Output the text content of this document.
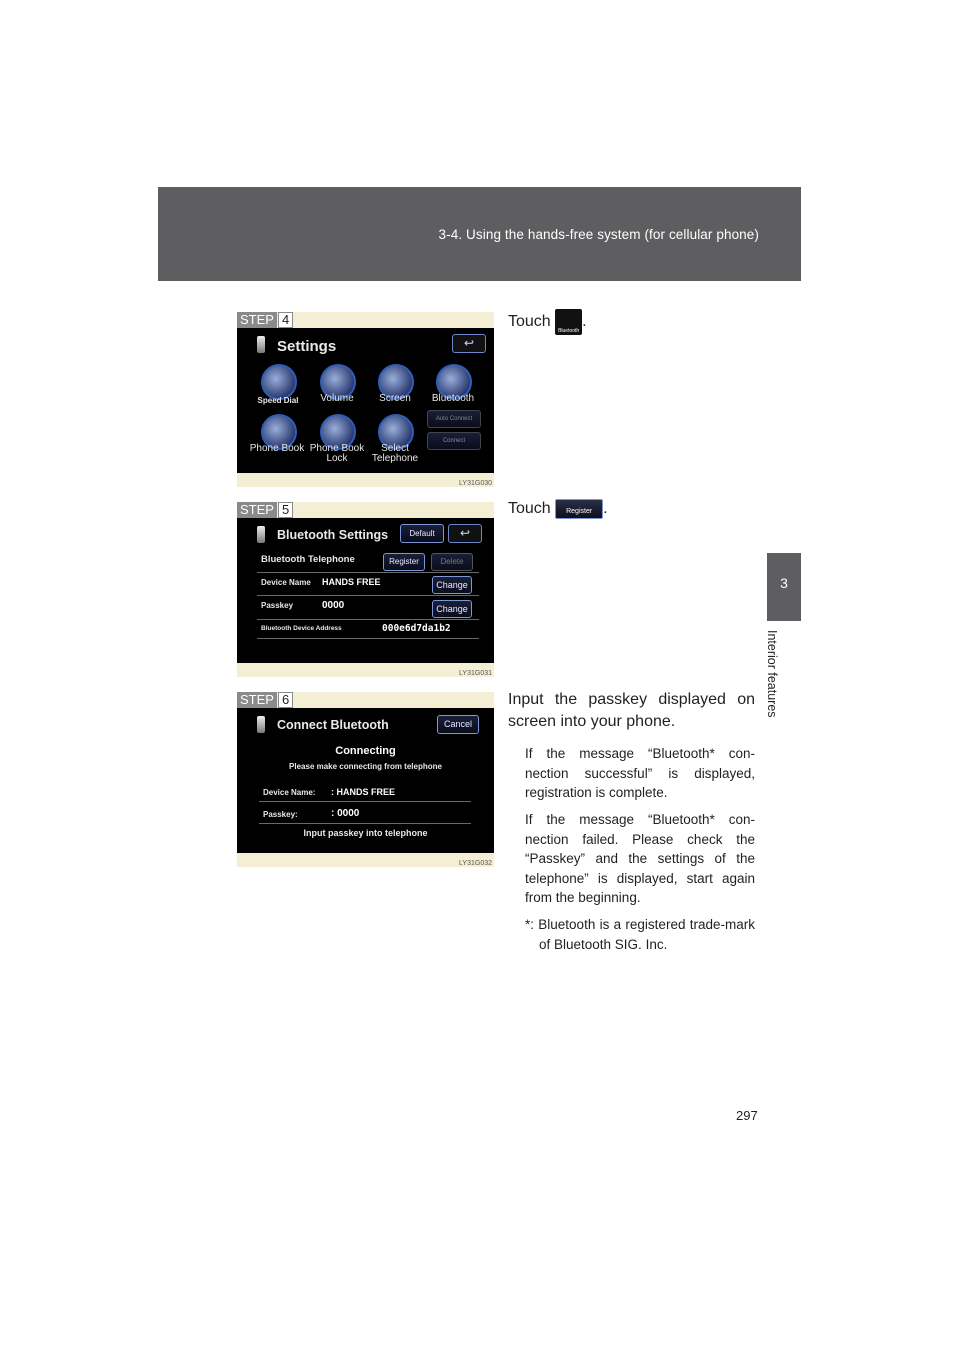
3-4. Using the hands-free system (for cellular phone)
3
Interior features
STEP 4
Settings	↩
Speed Dial	Volume	Screen	Bluetooth
Phone Book Phone Book Lock
Select Telephone
Auto Connect
Connect
LY31G030
Touch
Bluetooth
.
STEP 5
Bluetooth Settings	Default	↩
Bluetooth Telephone	Register	Delete
Device Name HANDS FREE	Change
Passkey	0000	Change
Bluetooth Device Address	000e6d7da1b2
LY31G031
Touch Register .
STEP 6
Connect Bluetooth	Cancel
Connecting
Please make connecting from telephone
Device Name: : HANDS FREE
Passkey:	: 0000
Input passkey into telephone
LY31G032
Input the passkey displayed on screen into your phone.
If the message “Bluetooth* con-nection successful” is displayed, registration is complete.
If the message “Bluetooth* con-nection failed. Please check the “Passkey” and the settings of the telephone” is displayed, start again from the beginning.
*: Bluetooth is a registered trade-mark of Bluetooth SIG. Inc.
297
